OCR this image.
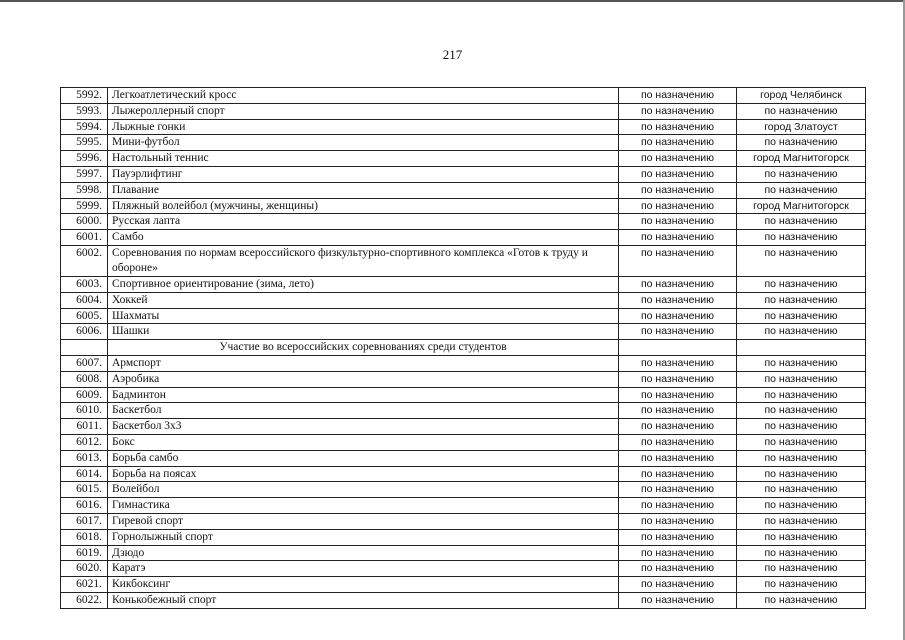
217
5992.	Легкоатлетический кросс	по назначению	город Челябинск
5993.	Лыжероллерный спорт	по назначению	по назначению
5994.	Лыжные гонки	по назначению	город Златоуст
5995.	Мини-футбол	по назначению	по назначению
5996.	Настольный теннис	по назначению	город Магнитогорск
5997.	Пауэрлифтинг	по назначению	по назначению
5998.	Плавание	по назначению	по назначению
5999.	Пляжный волейбол (мужчины, женщины)	по назначению	город Магнитогорск
6000.	Русская лапта	по назначению	по назначению
6001.	Самбо	по назначению	по назначению
6002.	Соревнования по нормам всероссийского физкультурно-спортивного комплекса «Готов к труду и обороне»	по назначению	по назначению
6003.	Спортивное ориентирование (зима, лето)	по назначению	по назначению
6004.	Хоккей	по назначению	по назначению
6005.	Шахматы	по назначению	по назначению
6006.	Шашки	по назначению	по назначению
	Участие во всероссийских соревнованиях среди студентов		
6007.	Армспорт	по назначению	по назначению
6008.	Аэробика	по назначению	по назначению
6009.	Бадминтон	по назначению	по назначению
6010.	Баскетбол	по назначению	по назначению
6011.	Баскетбол 3х3	по назначению	по назначению
6012.	Бокс	по назначению	по назначению
6013.	Борьба самбо	по назначению	по назначению
6014.	Борьба на поясах	по назначению	по назначению
6015.	Волейбол	по назначению	по назначению
6016.	Гимнастика	по назначению	по назначению
6017.	Гиревой спорт	по назначению	по назначению
6018.	Горнолыжный спорт	по назначению	по назначению
6019.	Дзюдо	по назначению	по назначению
6020.	Каратэ	по назначению	по назначению
6021.	Кикбоксинг	по назначению	по назначению
6022.	Конькобежный спорт	по назначению	по назначению
